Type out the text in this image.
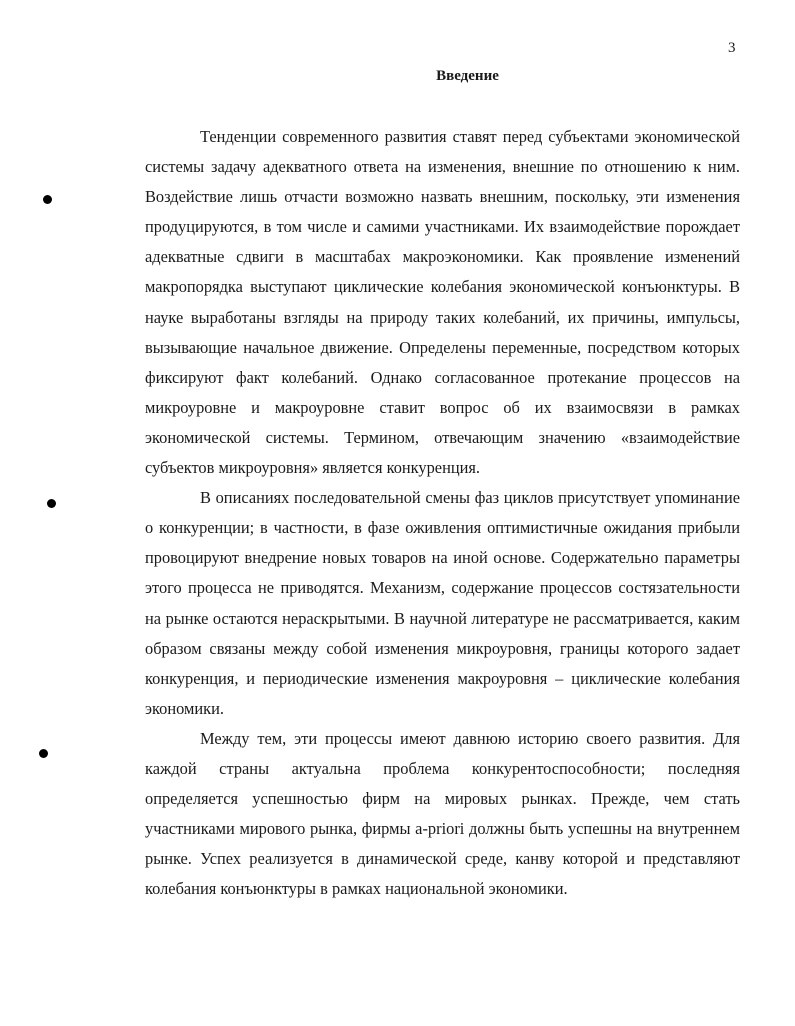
3
Введение

Тенденции современного развития ставят перед субъектами экономической системы задачу адекватного ответа на изменения, внешние по отношению к ним. Воздействие лишь отчасти возможно назвать внешним, поскольку, эти изменения продуцируются, в том числе и самими участниками. Их взаимодействие порождает адекватные сдвиги в масштабах макроэкономики. Как проявление изменений макропорядка выступают циклические колебания экономической конъюнктуры. В науке выработаны взгляды на природу таких колебаний, их причины, импульсы, вызывающие начальное движение. Определены переменные, посредством которых фиксируют факт колебаний. Однако согласованное протекание процессов на микроуровне и макроуровне ставит вопрос об их взаимосвязи в рамках экономической системы. Термином, отвечающим значению «взаимодействие субъектов микроуровня» является конкуренция.

В описаниях последовательной смены фаз циклов присутствует упоминание о конкуренции; в частности, в фазе оживления оптимистичные ожидания прибыли провоцируют внедрение новых товаров на иной основе. Содержательно параметры этого процесса не приводятся. Механизм, содержание процессов состязательности на рынке остаются нераскрытыми. В научной литературе не рассматривается, каким образом связаны между собой изменения микроуровня, границы которого задает конкуренция, и периодические изменения макроуровня – циклические колебания экономики.

Между тем, эти процессы имеют давнюю историю своего развития. Для каждой страны актуальна проблема конкурентоспособности; последняя определяется успешностью фирм на мировых рынках. Прежде, чем стать участниками мирового рынка, фирмы a-priori должны быть успешны на внутреннем рынке. Успех реализуется в динамической среде, канву которой и представляют колебания конъюнктуры в рамках национальной экономики.
